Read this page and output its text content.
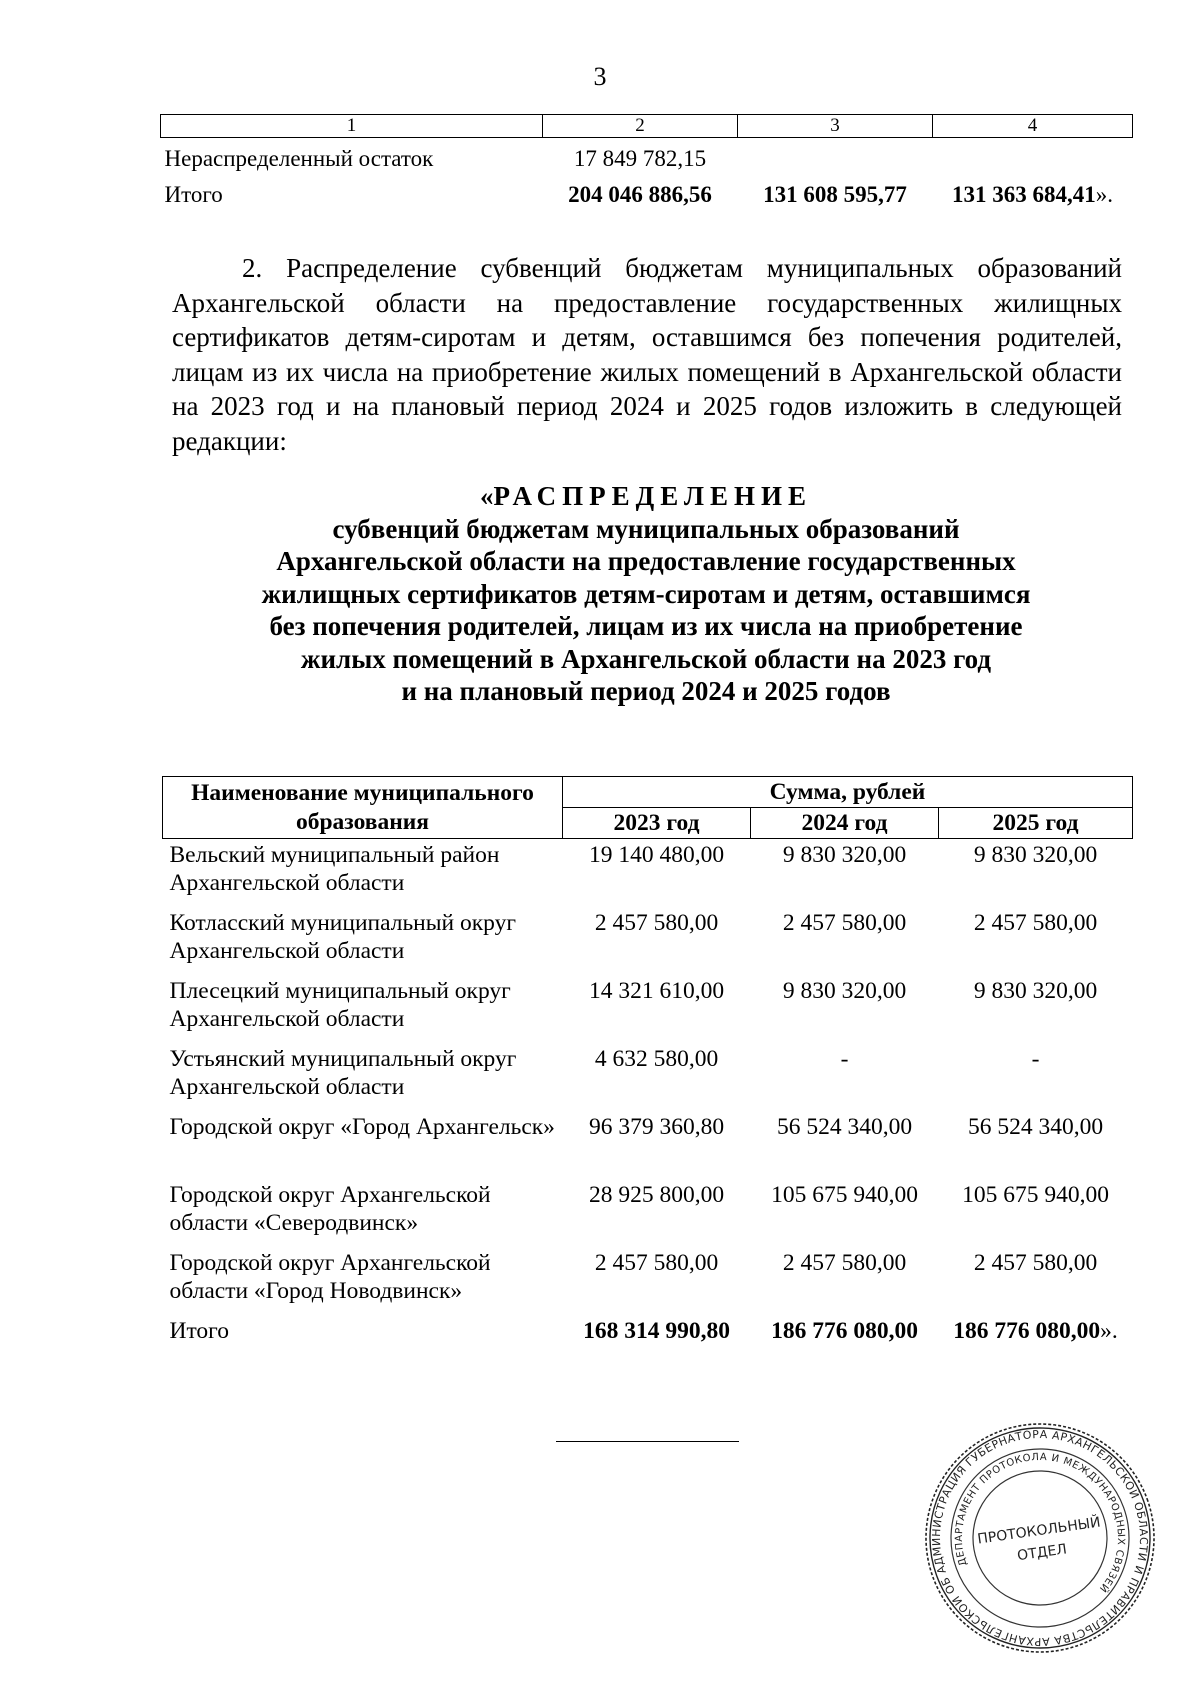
3
1	2	3	4
Нераспределенный остаток	17 849 782,15		
Итого	204 046 886,56	131 608 595,77	131 363 684,41».

2. Распределение субвенций бюджетам муниципальных образований Архангельской области на предоставление государственных жилищных сертификатов детям-сиротам и детям, оставшимся без попечения родителей, лицам из их числа на приобретение жилых помещений в Архангельской области на 2023 год и на плановый период 2024 и 2025 годов изложить в следующей редакции:

«РАСПРЕДЕЛЕНИЕ
субвенций бюджетам муниципальных образований
Архангельской области на предоставление государственных
жилищных сертификатов детям-сиротам и детям, оставшимся
без попечения родителей, лицам из их числа на приобретение
жилых помещений в Архангельской области на 2023 год
и на плановый период 2024 и 2025 годов
Наименование муниципального образования	Сумма, рублей		
	2023 год	2024 год	2025 год
Вельский муниципальный район Архангельской области	19 140 480,00	9 830 320,00	9 830 320,00
Котласский муниципальный округ Архангельской области	2 457 580,00	2 457 580,00	2 457 580,00
Плесецкий муниципальный округ Архангельской области	14 321 610,00	9 830 320,00	9 830 320,00
Устьянский муниципальный округ Архангельской области	4 632 580,00	-	-
Городской округ «Город Архангельск»	96 379 360,80	56 524 340,00	56 524 340,00
Городской округ Архангельской области «Северодвинск»	28 925 800,00	105 675 940,00	105 675 940,00
Городской округ Архангельской области «Город Новодвинск»	2 457 580,00	2 457 580,00	2 457 580,00
Итого	168 314 990,80	186 776 080,00	186 776 080,00».
АДМИНИСТРАЦИЯ ГУБЕРНАТОРА АРХАНГЕЛЬСКОЙ ОБЛАСТИ И ПРАВИТЕЛЬСТВА АРХАНГЕЛЬСКОЙ ОБЛАСТИ
ДЕПАРТАМЕНТ ПРОТОКОЛА И МЕЖДУНАРОДНЫХ СВЯЗЕЙ
ПРОТОКОЛЬНЫЙ
ОТДЕЛ
